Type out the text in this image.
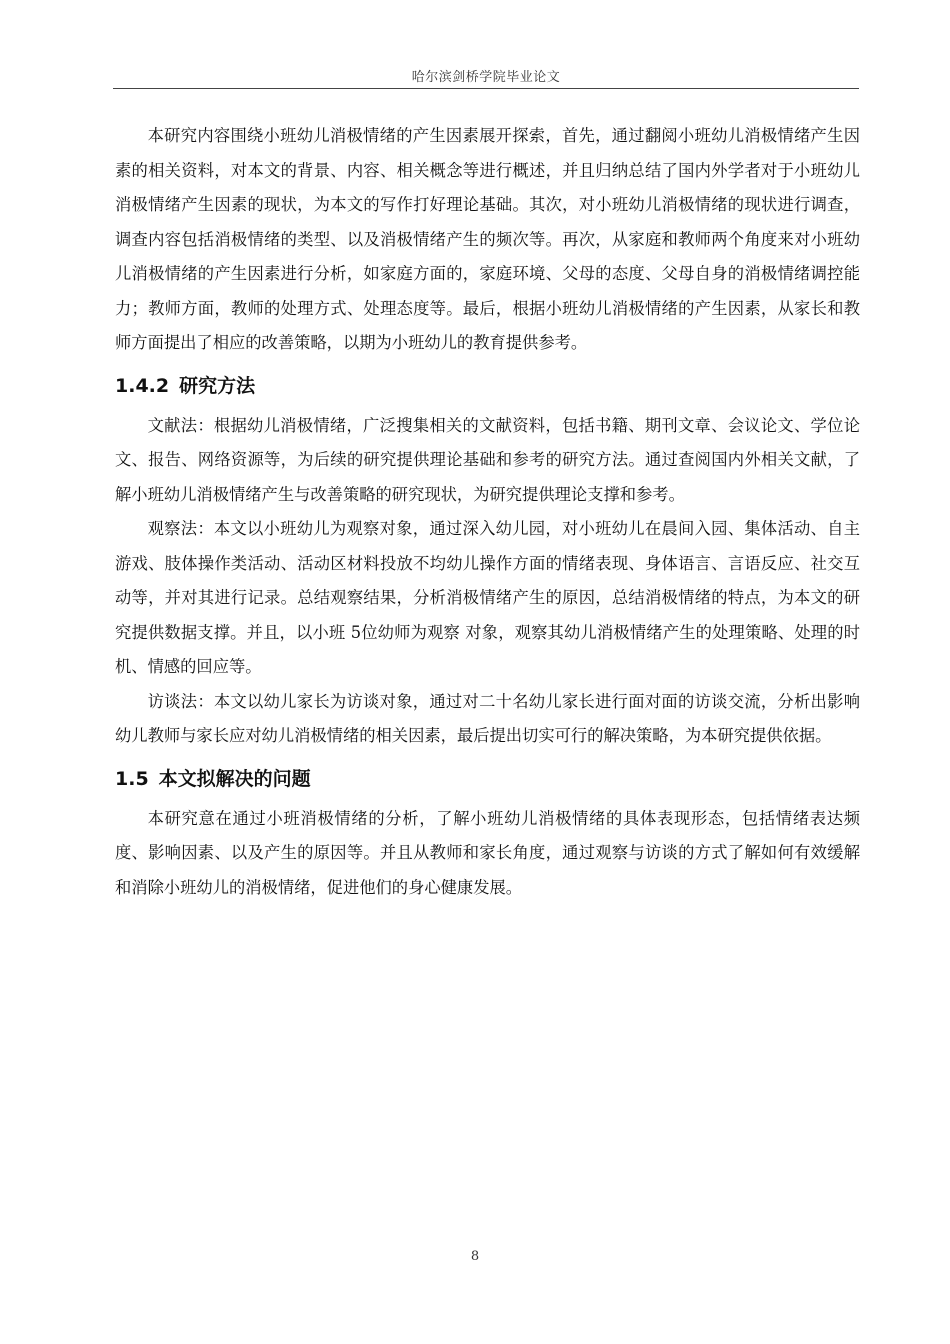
哈尔滨剑桥学院毕业论文

本研究内容围绕小班幼儿消极情绪的产生因素展开探索，首先，通过翻阅小班幼儿消极情绪产生因素的相关资料，对本文的背景、内容、相关概念等进行概述，并且归纳总结了国内外学者对于小班幼儿消极情绪产生因素的现状，为本文的写作打好理论基础。其次，对小班幼儿消极情绪的现状进行调查，调查内容包括消极情绪的类型、以及消极情绪产生的频次等。再次，从家庭和教师两个角度来对小班幼儿消极情绪的产生因素进行分析，如家庭方面的，家庭环境、父母的态度、父母自身的消极情绪调控能力；教师方面，教师的处理方式、处理态度等。最后，根据小班幼儿消极情绪的产生因素，从家长和教师方面提出了相应的改善策略，以期为小班幼儿的教育提供参考。

1.4.2 研究方法

文献法：根据幼儿消极情绪，广泛搜集相关的文献资料，包括书籍、期刊文章、会议论文、学位论文、报告、网络资源等，为后续的研究提供理论基础和参考的研究方法。通过查阅国内外相关文献，了解小班幼儿消极情绪产生与改善策略的研究现状，为研究提供理论支撑和参考。

观察法：本文以小班幼儿为观察对象，通过深入幼儿园，对小班幼儿在晨间入园、集体活动、自主游戏、肢体操作类活动、活动区材料投放不均幼儿操作方面的情绪表现、身体语言、言语反应、社交互动等，并对其进行记录。总结观察结果，分析消极情绪产生的原因，总结消极情绪的特点，为本文的研究提供数据支撑。并且，以小班 5位幼师为观察 对象，观察其幼儿消极情绪产生的处理策略、处理的时机、情感的回应等。

访谈法：本文以幼儿家长为访谈对象，通过对二十名幼儿家长进行面对面的访谈交流，分析出影响幼儿教师与家长应对幼儿消极情绪的相关因素，最后提出切实可行的解决策略，为本研究提供依据。

1.5 本文拟解决的问题

本研究意在通过小班消极情绪的分析，了解小班幼儿消极情绪的具体表现形态，包括情绪表达频度、影响因素、以及产生的原因等。并且从教师和家长角度，通过观察与访谈的方式了解如何有效缓解和消除小班幼儿的消极情绪，促进他们的身心健康发展。

8
